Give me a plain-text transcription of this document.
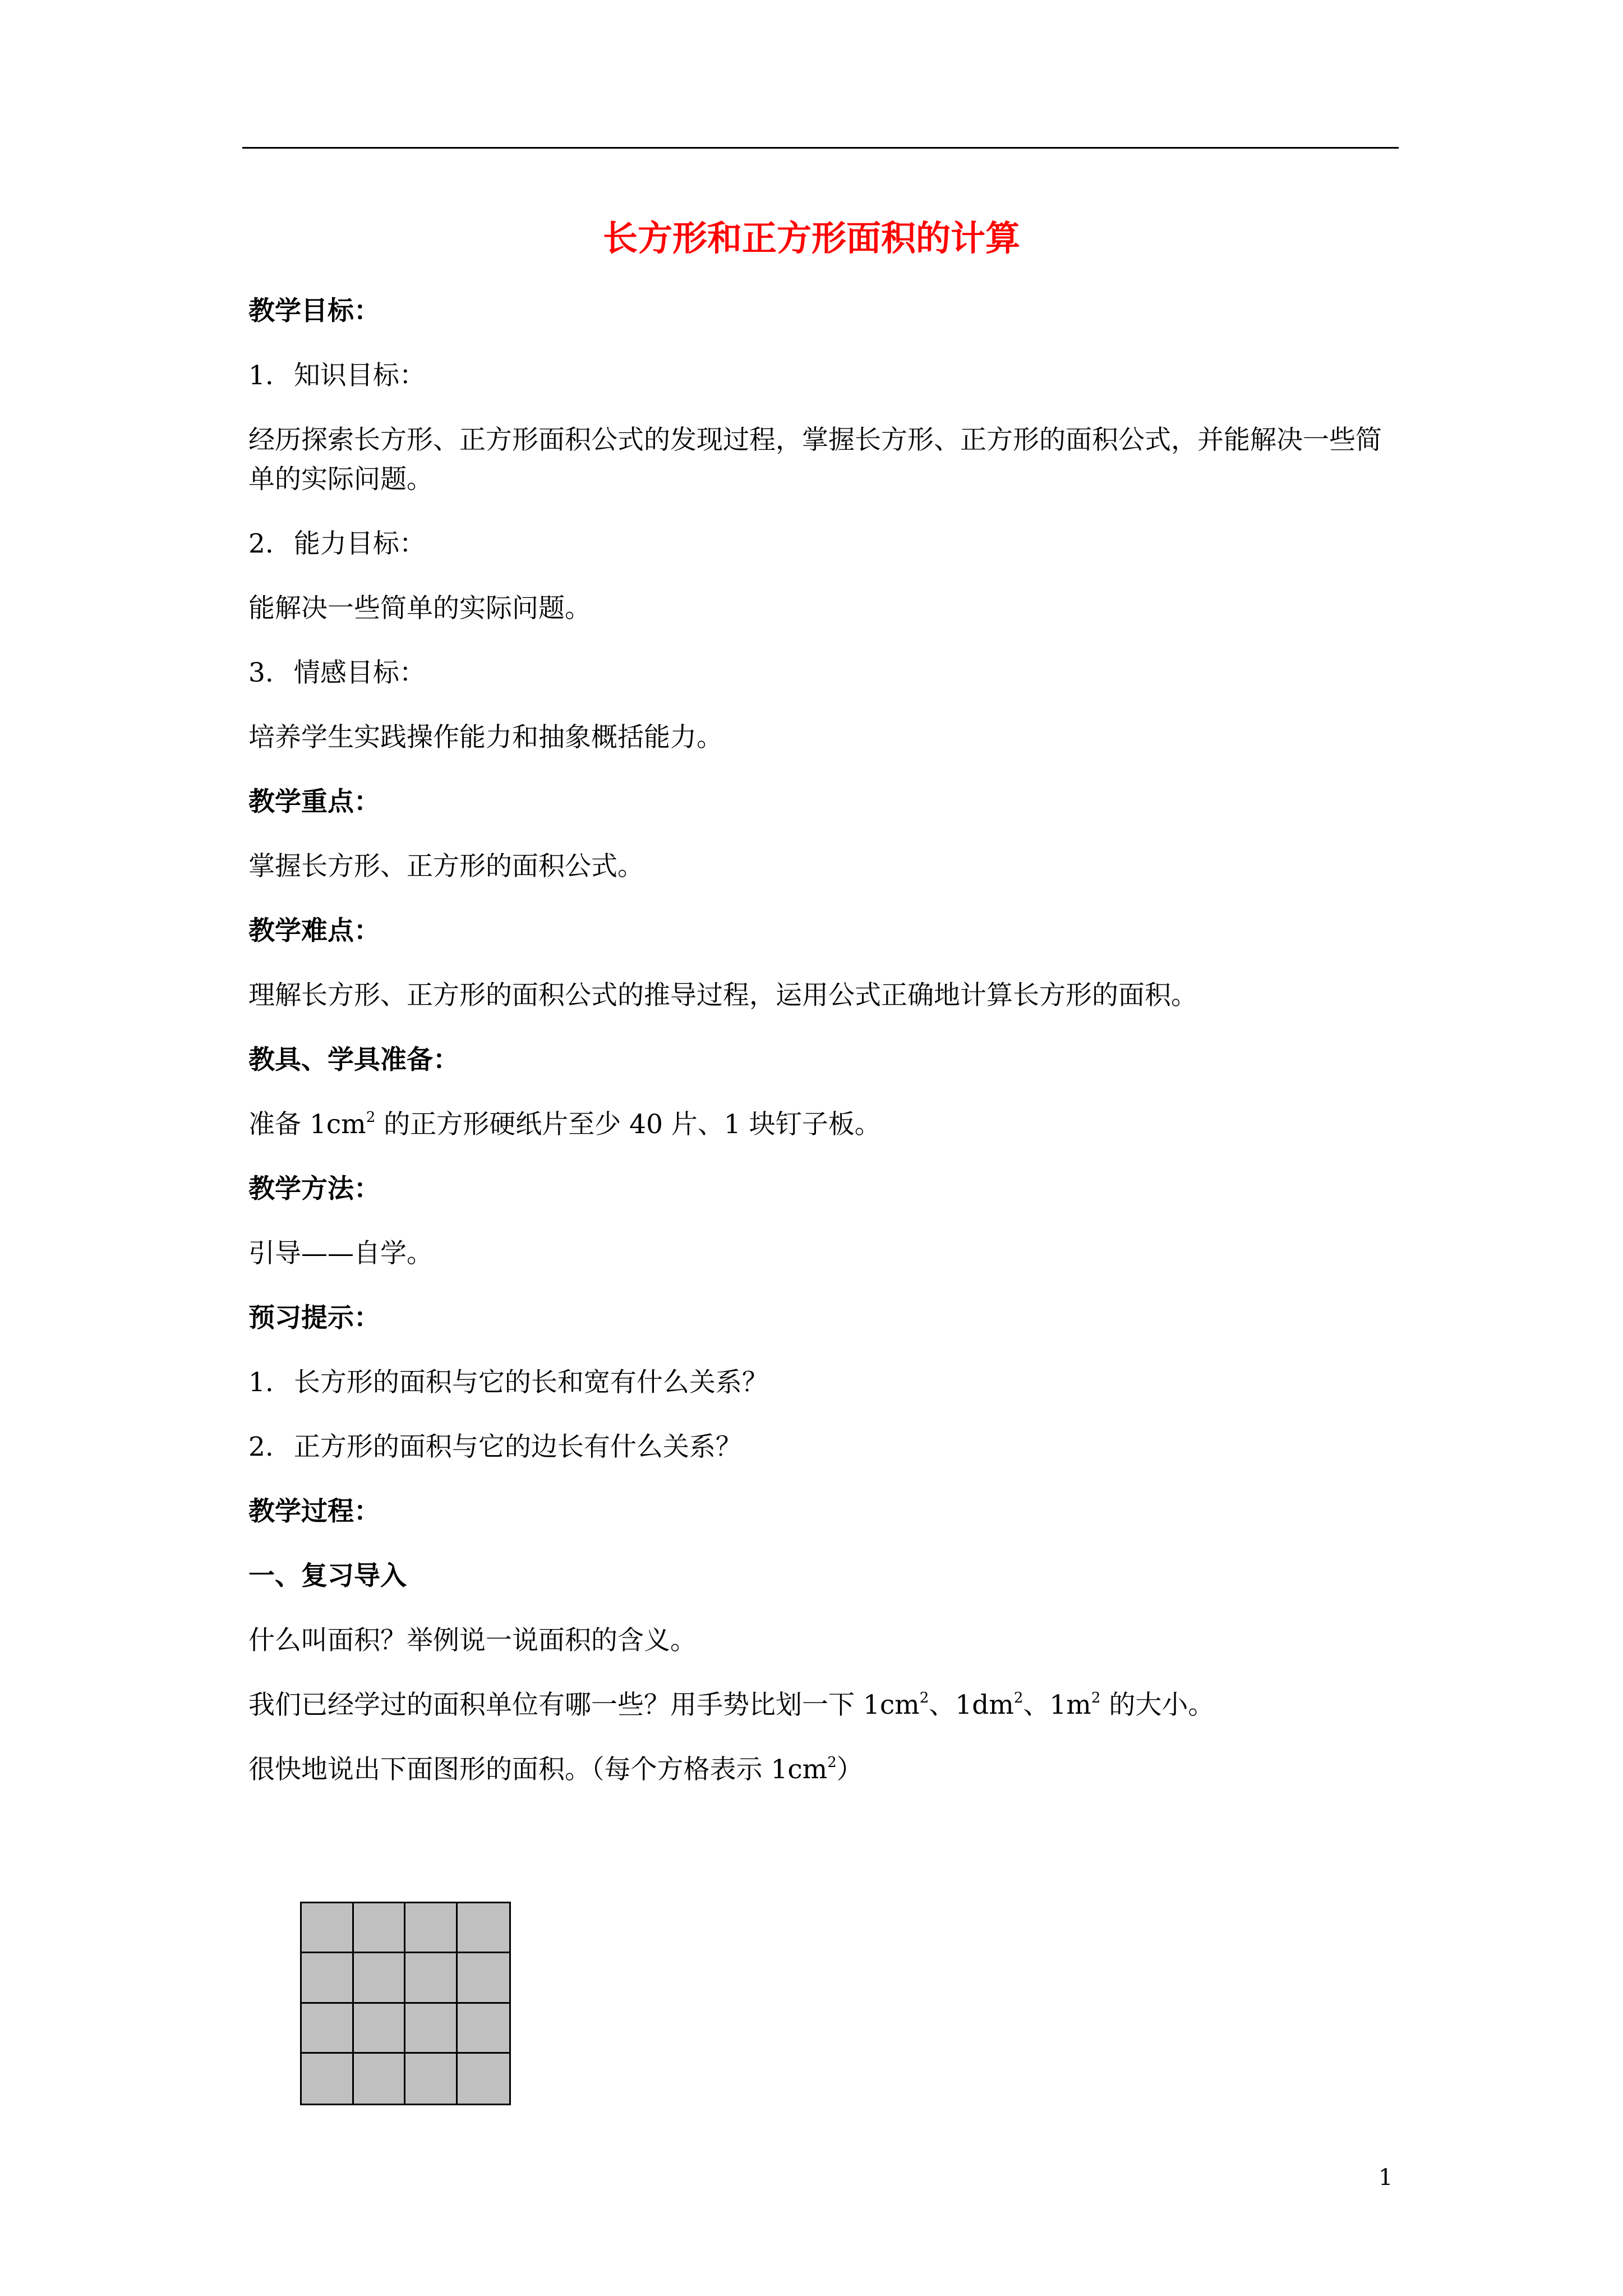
长方形和正方形面积的计算

教学目标：

1. 知识目标：

经历探索长方形、正方形面积公式的发现过程，掌握长方形、正方形的面积公式，并能解决一些简单的实际问题。

2. 能力目标：

能解决一些简单的实际问题。

3. 情感目标：

培养学生实践操作能力和抽象概括能力。

教学重点：

掌握长方形、正方形的面积公式。

教学难点：

理解长方形、正方形的面积公式的推导过程，运用公式正确地计算长方形的面积。

教具、学具准备：

准备 $1cm^2$ 的正方形硬纸片至少 40 片、1 块钉子板。

教学方法：

引导——自学。

预习提示：

1. 长方形的面积与它的长和宽有什么关系？

2. 正方形的面积与它的边长有什么关系？

教学过程：

一、复习导入

什么叫面积？举例说一说面积的含义。

我们已经学过的面积单位有哪一些？用手势比划一下 $1cm^2$、$1dm^2$、$1m^2$ 的大小。

很快地说出下面图形的面积。（每个方格表示 $1cm^2$）

1
